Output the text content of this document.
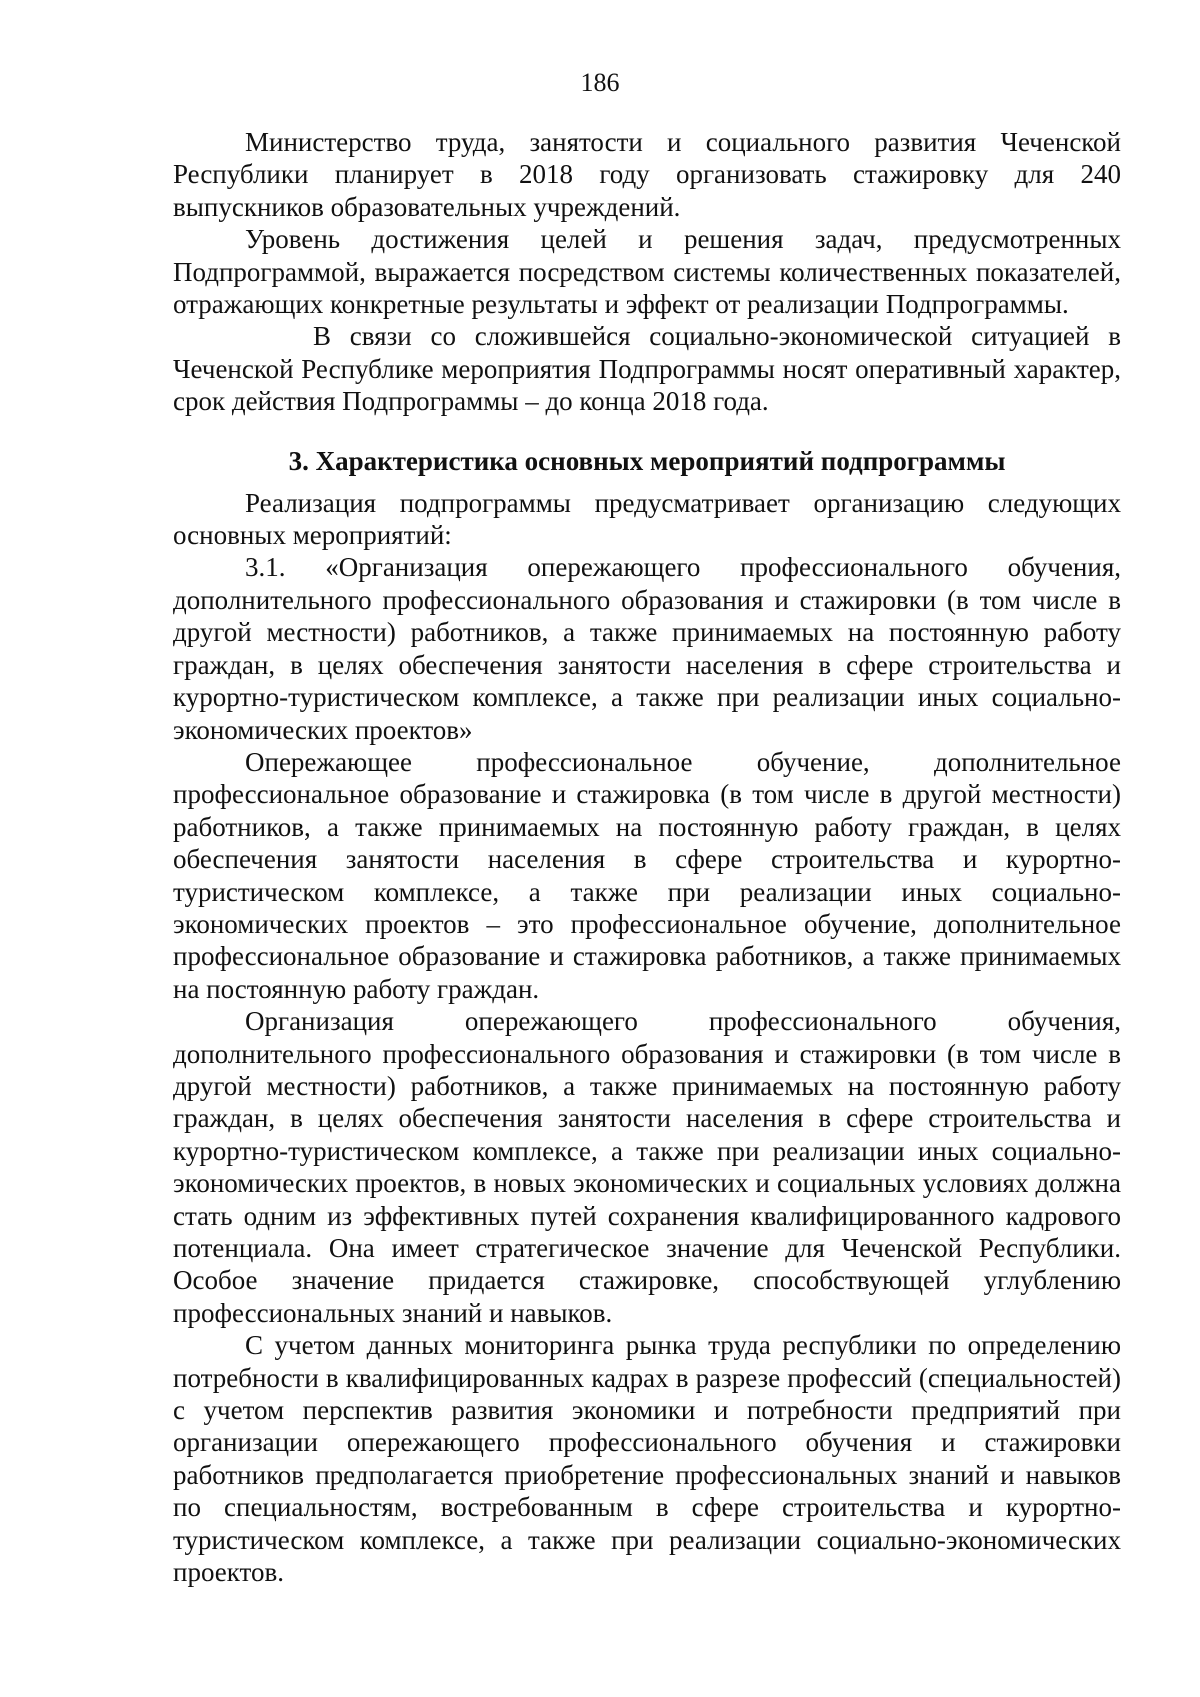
186

Министерство труда, занятости и социального развития Чеченской Республики планирует в 2018 году организовать стажировку для 240 выпускников образовательных учреждений.

Уровень достижения целей и решения задач, предусмотренных Подпрограммой, выражается посредством системы количественных показателей, отражающих конкретные результаты и эффект от реализации Подпрограммы.

В связи со сложившейся социально-экономической ситуацией в Чеченской Республике мероприятия Подпрограммы носят оперативный характер, срок действия Подпрограммы – до конца 2018 года.

3. Характеристика основных мероприятий подпрограммы

Реализация подпрограммы предусматривает организацию следующих основных мероприятий:

3.1. «Организация опережающего профессионального обучения, дополнительного профессионального образования и стажировки (в том числе в другой местности) работников, а также принимаемых на постоянную работу граждан, в целях обеспечения занятости населения в сфере строительства и курортно-туристическом комплексе, а также при реализации иных социально-экономических проектов»

Опережающее профессиональное обучение, дополнительное профессиональное образование и стажировка (в том числе в другой местности) работников, а также принимаемых на постоянную работу граждан, в целях обеспечения занятости населения в сфере строительства и курортно-туристическом комплексе, а также при реализации иных социально-экономических проектов – это профессиональное обучение, дополнительное профессиональное образование и стажировка работников, а также принимаемых на постоянную работу граждан.

Организация опережающего профессионального обучения, дополнительного профессионального образования и стажировки (в том числе в другой местности) работников, а также принимаемых на постоянную работу граждан, в целях обеспечения занятости населения в сфере строительства и курортно-туристическом комплексе, а также при реализации иных социально-экономических проектов, в новых экономических и социальных условиях должна стать одним из эффективных путей сохранения квалифицированного кадрового потенциала. Она имеет стратегическое значение для Чеченской Республики. Особое значение придается стажировке, способствующей углублению профессиональных знаний и навыков.

С учетом данных мониторинга рынка труда республики по определению потребности в квалифицированных кадрах в разрезе профессий (специальностей) с учетом перспектив развития экономики и потребности предприятий при организации опережающего профессионального обучения и стажировки работников предполагается приобретение профессиональных знаний и навыков по специальностям, востребованным в сфере строительства и курортно-туристическом комплексе, а также при реализации социально-экономических проектов.
